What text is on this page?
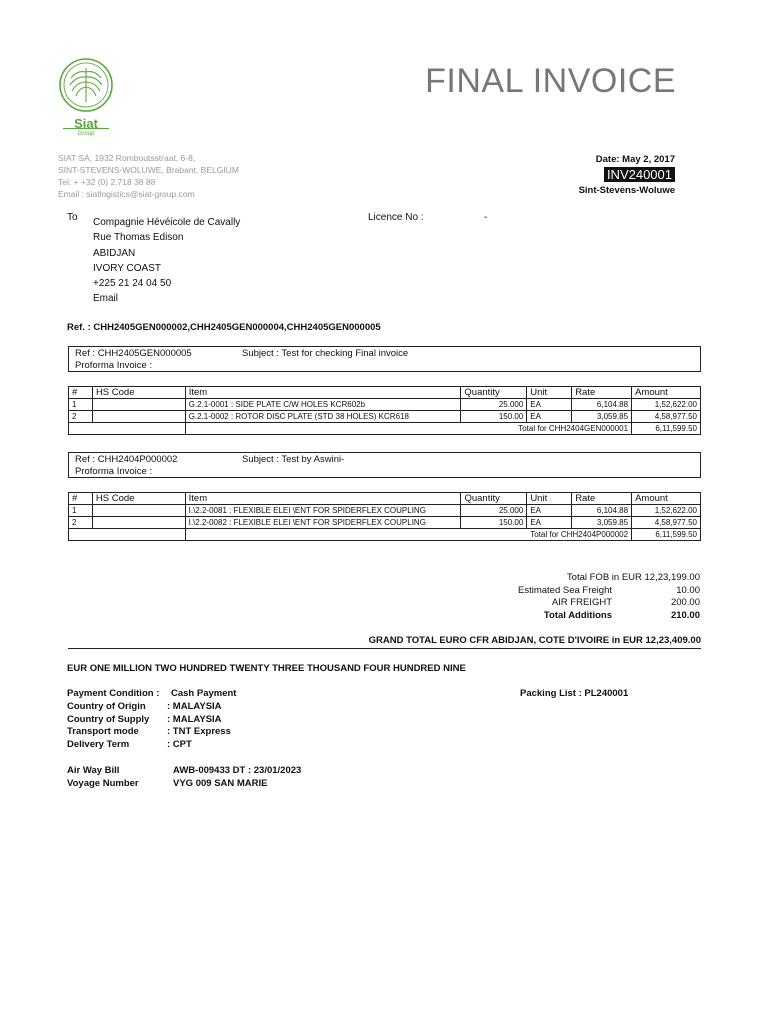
Siat
Group
FINAL INVOICE
SIAT SA, 1932 Romboutsstraat, 6-8,
SINT-STEVENS-WOLUWE, Brabant, BELGIUM
Tel: + +32 (0) 2.718 38 88
Email : siatlogistics@siat-group.com
Date: May 2, 2017
INV240001
Sint-Stevens-Woluwe
To Compagnie Hévéicole de Cavally
Rue Thomas Edison
ABIDJAN
IVORY COAST
+225 21 24 04 50
Email
Licence No :	-
Ref. : CHH2405GEN000002,CHH2405GEN000004,CHH2405GEN000005
Ref : CHH2405GEN000005
Proforma Invoice :
Subject : Test for checking Final invoice
#	HS Code	Item	Quantity	Unit	Rate	Amount
1		G.2.1-0001 : SIDE PLATE C/W HOLES KCR602b	25.000	EA	6,104.88	1,52,622.00
2		G.2.1-0002 : ROTOR DISC PLATE (STD 38 HOLES) KCR618	150.00	EA	3,059.85	4,58,977.50
		Total for CHH2404GEN000001				6,11,599.50
Ref : CHH2404P000002
Proforma Invoice :
Subject : Test by Aswini-
#	HS Code	Item	Quantity	Unit	Rate	Amount
1		I.\2.2-0081 : FLEXIBLE ELEI \ENT FOR SPIDERFLEX COUPLING	25.000	EA	6,104.88	1,52,622.00
2		I.\2.2-0082 : FLEXIBLE ELEI \ENT FOR SPIDERFLEX COUPLING	150.00	EA	3,059.85	4,58,977.50
		Total for CHH2404P000002				6,11,599.50
Total FOB in EUR 12,23,199.00
Estimated Sea Freight	10.00
AIR FREIGHT	200.00
Total Additions	210.00
GRAND TOTAL EURO CFR ABIDJAN, COTE D'IVOIRE in EUR 12,23,409.00
EUR ONE MILLION TWO HUNDRED TWENTY THREE THOUSAND FOUR HUNDRED NINE
Payment Condition :	Cash Payment
Country of Origin	: MALAYSIA
Country of Supply	: MALAYSIA
Transport mode	: TNT Express
Delivery Term	: CPT
Packing List : PL240001
Air Way Bill	AWB-009433 DT : 23/01/2023
Voyage Number	VYG 009 SAN MARIE
